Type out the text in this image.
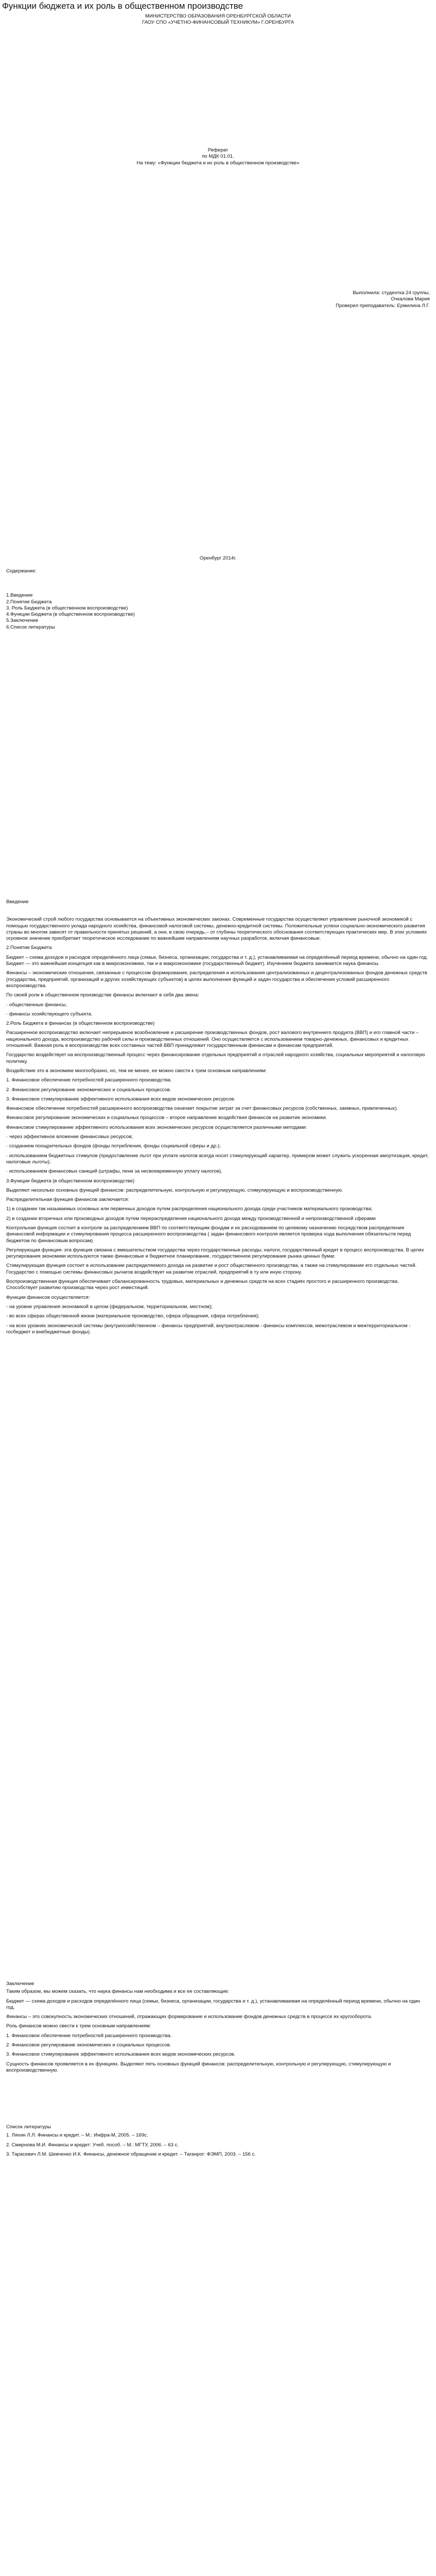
Функции бюджета и их роль в общественном производстве

МИНИСТЕРСТВО ОБРАЗОВАНИЯ ОРЕНБУРГСКОЙ ОБЛАСТИ

ГАОУ СПО «УЧЕТНО-ФИНАНСОВЫЙ ТЕХНИКУМ» Г.ОРЕНБУРГА

Реферат

по МДК 01.01.

На тему: «Функции бюджета и их роль в общественном производстве»

Выполнила: студентка 24 группы,

Очкалова Мария

Проверил преподаватель: Ермилина Л.Г.

Оренбург 2014г.

Содержание:

1.Введение
2.Понятие Бюджета
3. Роль Бюджета (в общественном воспроизводстве)
4.Функции Бюджета (в общественном воспроизводстве)
5.Заключение
6.Список литературы

Введение

Экономический строй любого государства основывается на объективных экономических законах. Современные государства осуществляют управление рыночной экономикой с помощью государственного уклада народного хозяйства, финансовой налоговой системы, денежно-кредитной системы. Положительные успехи социально-экономического развития страны во многом зависят от правильности принятых решений, а они, в свою очередь,– от глубины теоретического обоснования соответствующих практических мер. В этих условиях огромное значение приобретает теоретическое исследование по важнейшим направлениям научных разработок, включая финансовые.

2.Понятие Бюджета

Бюджет – схема доходов и расходов определённого лица (семьи, бизнеса, организации, государства и т. д.), устанавливаемая на определённый период времени, обычно на один год. Бюджет — это важнейшая концепция как в микроэкономике, так и в макроэкономике (государственный бюджет). Изучением бюджета занимается наука финансы.

Финансы – экономические отношения, связанные с процессом формирования, распределения и использования централизованных и децентрализованных фондов денежных средств (государства, предприятий, организаций и других хозяйствующих субъектов) в целях выполнения функций и задач государства и обеспечения условий расширенного воспроизводства.

По своей роли в общественном производстве финансы включают в себя два звена:

· общественные финансы,

· финансы хозяйствующего субъекта.

2.Роль Бюджета в финансах (в общественном воспроизводстве)

Расширенное воспроизводство включает непрерывное возобновление и расширение производственных фондов, рост валового внутреннего продукта (ВВП) и его главной части – национального дохода, воспроизводство рабочей силы и производственных отношений. Оно осуществляется с использованием товарно-денежных, финансовых и кредитных отношений. Важная роль в воспроизводстве всех составных частей ВВП принадлежит государственным финансам и финансам предприятий.

Государство воздействует на воспроизводственный процесс через финансирование отдельных предприятий и отраслей народного хозяйства, социальных мероприятий и налоговую политику.

Воздействие это в экономике многообразно, но, тем не менее, ее можно свести к трем основным направлениям:

1. Финансовое обеспечение потребностей расширенного производства.

2. Финансовое регулирование экономических и социальных процессов.

3. Финансовое стимулирование эффективного использования всех видов экономических ресурсов.

Финансовое обеспечение потребностей расширенного воспроизводства означает покрытие затрат за счет финансовых ресурсов (собственных, заемных, привлеченных).

Финансовое регулирование экономических и социальных процессов – второе направление воздействия финансов на развитие экономики.

Финансовое стимулирование эффективного использования всех экономических ресурсов осуществляется различными методами:

· через эффективное вложение финансовых ресурсов;

· созданием поощрительных фондов (фонды потребления, фонды социальной сферы и др.);

· использованием бюджетных стимулов (предоставление льгот при уплате налогов всегда носит стимулирующий характер, примером может служить ускоренная амортизация, кредит, налоговые льготы);

· использованием финансовых санкций (штрафы, пени за несвоевременную уплату налогов).

3.Функции бюджета (в общественном воспроизводстве)

Выделяют несколько основных функций финансов: распределительную, контрольную и регулирующую, стимулирующую и воспроизводственную.

Распределительная функция финансов заключается:

1) в создании так называемых основных или первичных доходов путем распределения национального дохода среди участников материального производства;

2) в создании вторичных или производных доходов путем перераспределения национального дохода между производственной и непроизводственной сферами

Контрольная функция состоит в контроле за распределением ВВП по соответствующим фондам и их расходованием по целевому назначению посредством распределения финансовой информации и стимулирования процесса расширенного воспроизводства ( задан финансового контроля является проверка хода выполнения обязательств перед бюджетом по финансовым вопросам)

Регулирующая функция- эта функция связана с вмешательством государства через государственные расходы, налоги, государственный кредит в процесс воспроизводства. В целях регулирования экономики используются также финансовые и бюджетное планирование, государственное регулирование рынка ценных бумаг.

Стимулирующая функция состоит в использовании распределяемого дохода на развитие и рост общественного производства, а также на стимулирование его отдельных частей. Государство с помощью системы финансовых рычагов воздействует на развитие отраслей, предприятий в ту или иную сторону.

Воспроизводственная функция обеспечивает сбалансированность трудовых, материальных и денежных средств на всех стадиях простого и расширенного производства. Способствует развитию производства через рост инвестиций.

Функции финансов осуществляется:

- на уровне управления экономикой в целом (федеральном, территориальном, местном);

- во всех сферах общественной жизни (материальное производство, сфера обращения, сфера потребления);

- на всех уровнях экономической системы (внутрихозяйственном – финансы предприятий, внутриотраслевом - финансы комплексов, межотраслевом и межтерриториальном - госбюджет и внебюджетные фонды).

Заключение

Таким образом, мы можем сказать, что наука финансы нам необходима и все ее составляющие:

Бюджет — схема доходов и расходов определённого лица (семьи, бизнеса, организации, государства и т. д.), устанавливаемая на определённый период времени, обычно на один год.

Финансы – это совокупность экономических отношений, отражающих формирование и использование фондов денежных средств в процессе их кругооборота.

Роль финансов можно свести к трем основным направлениям:

1. Финансовое обеспечение потребностей расширенного производства.

2. Финансовое регулирование экономических и социальных процессов.

3. Финансовое стимулирование эффективного использования всех видов экономических ресурсов.

Сущность финансов проявляется в их функциях. Выделяют пять основных функций финансов: распределительную, контрольную и регулирующую, стимулирующую и воспроизводственную.

Список литературы

1. Ляхин Л.Л. Финансы и кредит. – М.: Инфра-М, 2005. – 169с.
2. Смирнова М.И. Финансы и кредит: Учеб. пособ. – М.: МГТУ, 2006. – 63 с.
3. Тарасевич Л.М. Шевченко И.К. Финансы, денежное обращение и кредит. – Таганрог: ФЭМП, 2003. – 156 с.
